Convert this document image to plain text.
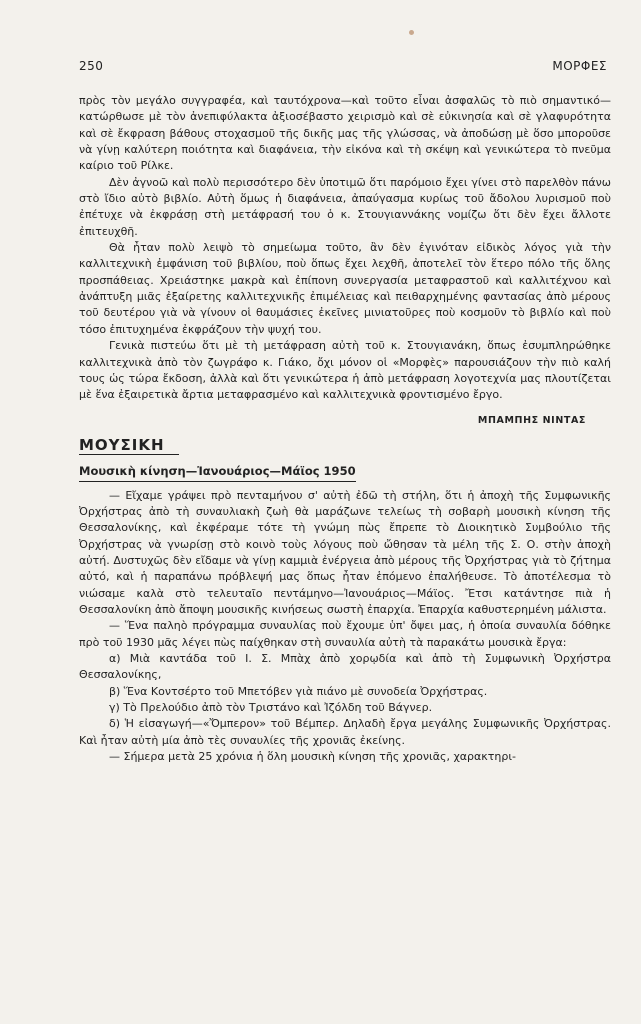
250	ΜΟΡΦΕΣ

πρὸς τὸν μεγάλο συγγραφέα, καὶ ταυτόχρονα—καὶ τοῦτο εἶναι ἀσφαλῶς τὸ πιὸ σημαντικό—κατώρθωσε μὲ τὸν ἀνεπιφύλακτα ἀξιοσέβαστο χειρισμὸ καὶ σὲ εὐκινησία καὶ σὲ γλαφυρότητα καὶ σὲ ἔκφραση βάθους στοχασμοῦ τῆς δικῆς μας τῆς γλώσσας, νὰ ἀποδώσῃ μὲ ὅσο μποροῦσε νὰ γίνῃ καλύτερη ποιότητα καὶ διαφάνεια, τὴν εἰκόνα καὶ τὴ σκέψη καὶ γενικώτερα τὸ πνεῦμα καίριο τοῦ Ρίλκε.

Δὲν ἀγνοῶ καὶ πολὺ περισσότερο δὲν ὑποτιμῶ ὅτι παρόμοιο ἔχει γίνει στὸ παρελθὸν πάνω στὸ ἴδιο αὐτὸ βιβλίο. Αὐτὴ ὅμως ἡ διαφάνεια, ἀπαύγασμα κυρίως τοῦ ἄδολου λυρισμοῦ ποὺ ἐπέτυχε νὰ ἐκφράσῃ στὴ μετάφρασή του ὁ κ. Στουγιαννάκης νομίζω ὅτι δὲν ἔχει ἄλλοτε ἐπιτευχθῆ.

Θὰ ἦταν πολὺ λειψὸ τὸ σημείωμα τοῦτο, ἂν δὲν ἐγινόταν εἰδικὸς λόγος γιὰ τὴν καλλιτεχνικὴ ἐμφάνιση τοῦ βιβλίου, ποὺ ὅπως ἔχει λεχθῆ, ἀποτελεῖ τὸν ἕτερο πόλο τῆς ὅλης προσπάθειας. Χρειάστηκε μακρὰ καὶ ἐπίπονη συνεργασία μεταφραστοῦ καὶ καλλιτέχνου καὶ ἀνάπτυξη μιᾶς ἐξαίρετης καλλιτεχνικῆς ἐπιμέλειας καὶ πειθαρχημένης φαντασίας ἀπὸ μέρους τοῦ δευτέρου γιὰ νὰ γίνουν οἱ θαυμάσιες ἐκεῖνες μινιατοῦρες ποὺ κοσμοῦν τὸ βιβλίο καὶ ποὺ τόσο ἐπιτυχημένα ἐκφράζουν τὴν ψυχή του.

Γενικὰ πιστεύω ὅτι μὲ τὴ μετάφραση αὐτὴ τοῦ κ. Στουγιανάκη, ὅπως ἐσυμπληρώθηκε καλλιτεχνικὰ ἀπὸ τὸν ζωγράφο κ. Γιάκο, ὄχι μόνον οἱ «Μορφὲς» παρουσιάζουν τὴν πιὸ καλή τους ὡς τώρα ἔκδοση, ἀλλὰ καὶ ὅτι γενικώτερα ἡ ἀπὸ μετάφραση λογοτεχνία μας πλουτίζεται μὲ ἕνα ἐξαιρετικὰ ἄρτια μεταφρασμένο καὶ καλλιτεχνικὰ φροντισμένο ἔργο.

ΜΠΑΜΠΗΣ ΝΙΝΤΑΣ
ΜΟΥΣΙΚΗ
Μουσικὴ κίνηση—Ἰανουάριος—Μάϊος 1950

— Εἴχαμε γράψει πρὸ πενταμήνου σ' αὐτὴ ἐδῶ τὴ στήλη, ὅτι ἡ ἀποχὴ τῆς Συμφωνικῆς Ὀρχήστρας ἀπὸ τὴ συναυλιακὴ ζωὴ θὰ μαράζωνε τελείως τὴ σοβαρὴ μουσικὴ κίνηση τῆς Θεσσαλονίκης, καὶ ἐκφέραμε τότε τὴ γνώμη πὼς ἔπρεπε τὸ Διοικητικὸ Συμβούλιο τῆς Ὀρχήστρας νὰ γνωρίσῃ στὸ κοινὸ τοὺς λόγους ποὺ ὤθησαν τὰ μέλη τῆς Σ. Ο. στὴν ἀποχὴ αὐτή. Δυστυχῶς δὲν εἴδαμε νὰ γίνῃ καμμιὰ ἐνέργεια ἀπὸ μέρους τῆς Ὀρχήστρας γιὰ τὸ ζήτημα αὐτό, καὶ ἡ παραπάνω πρόβλεψή μας ὅπως ἦταν ἑπόμενο ἐπαλήθευσε. Τὸ ἀποτέλεσμα τὸ νιώσαμε καλὰ στὸ τελευταῖο πεντάμηνο—Ἰανουάριος—Μάϊος. Ἔτσι κατάντησε πιὰ ἡ Θεσσαλονίκη ἀπὸ ἄποψη μουσικῆς κινήσεως σωστὴ ἐπαρχία. Ἐπαρχία καθυστερημένη μάλιστα.

— Ἕνα παληὸ πρόγραμμα συναυλίας ποὺ ἔχουμε ὑπ' ὄψει μας, ἡ ὁποία συναυλία δόθηκε πρὸ τοῦ 1930 μᾶς λέγει πὼς παίχθηκαν στὴ συναυλία αὐτὴ τὰ παρακάτω μουσικὰ ἔργα:

α) Μιὰ καντάδα τοῦ Ι. Σ. Μπὰχ ἀπὸ χορῳδία καὶ ἀπὸ τὴ Συμφωνικὴ Ὀρχήστρα Θεσσαλονίκης,

β) Ἕνα Κοντσέρτο τοῦ Μπετόβεν γιὰ πιάνο μὲ συνοδεία Ὀρχήστρας.

γ) Τὸ Πρελούδιο ἀπὸ τὸν Τριστάνο καὶ Ἰζόλδη τοῦ Βάγνερ.

δ) Ἡ εἰσαγωγή—«Ὄμπερον» τοῦ Βέμπερ. Δηλαδὴ ἔργα μεγάλης Συμφωνικῆς Ὀρχήστρας. Καὶ ἦταν αὐτὴ μία ἀπὸ τὲς συναυλίες τῆς χρονιᾶς ἐκείνης.

— Σήμερα μετὰ 25 χρόνια ἡ ὅλη μουσικὴ κίνηση τῆς χρονιᾶς, χαρακτηρι-
